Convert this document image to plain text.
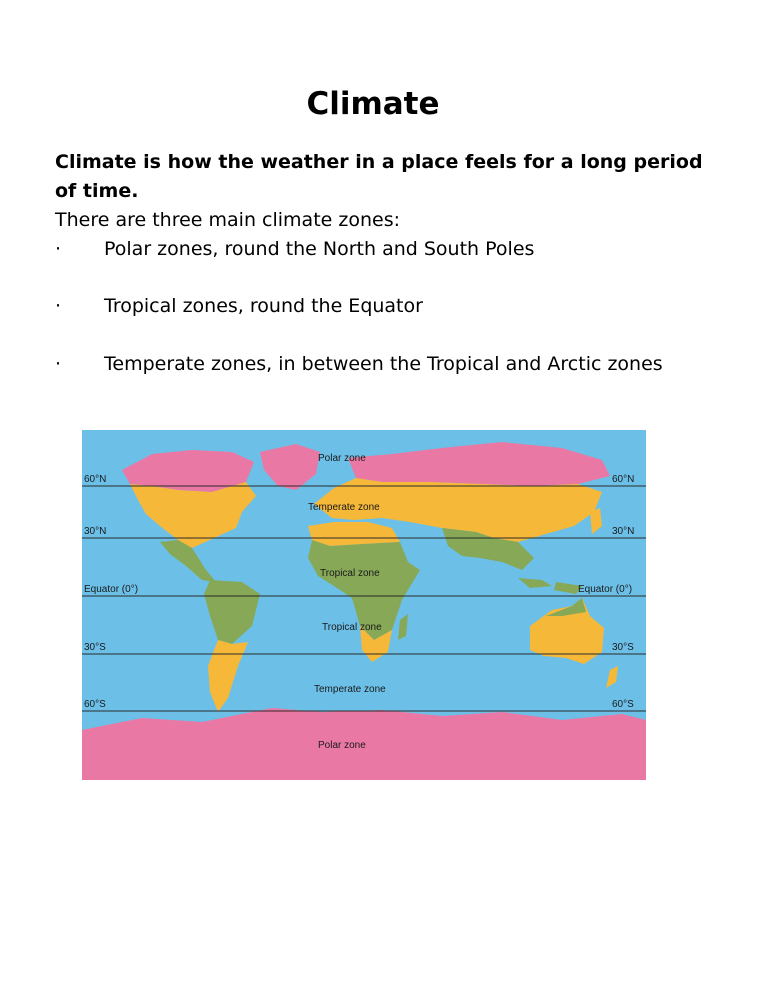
Climate

Climate is how the weather in a place feels for a long period of time.

There are three main climate zones:

·	Polar zones, round the North and South Poles
·	Tropical zones, round the Equator
·	Temperate zones, in between the Tropical and Arctic zones
60°N	60°N
30°N	30°N
Equator (0°)	Equator (0°)
30°S	30°S
60°S	60°S
Polar zone
Temperate zone
Tropical zone
Tropical zone
Temperate zone
Polar zone
